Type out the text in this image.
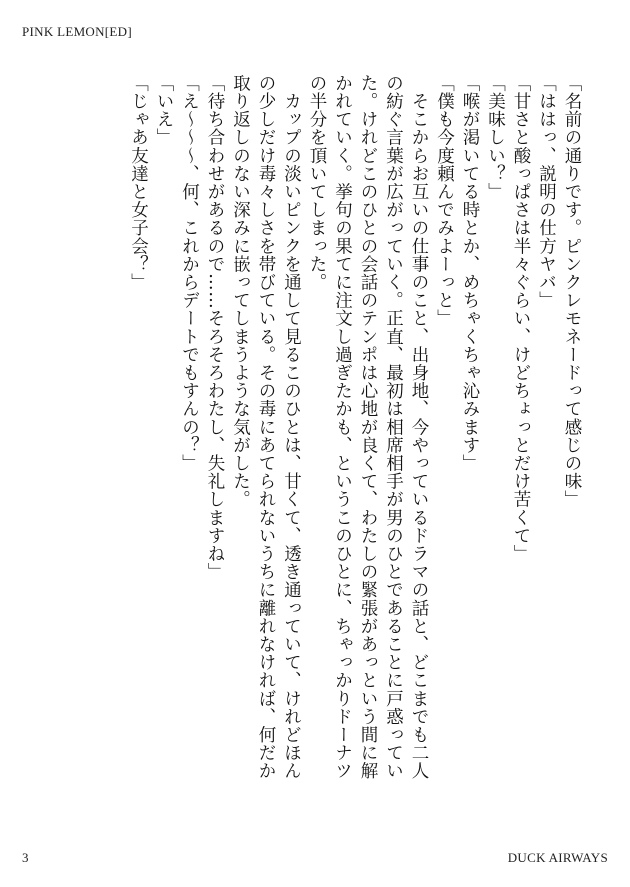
PINK LEMON[ED]
「名前の通りです。ピンクレモネードって感じの味」
「ははっ、説明の仕方ヤバ」
「甘さと酸っぱさは半々ぐらい、けどちょっとだけ苦くて」
「美味しい？」
「喉が渇いてる時とか、めちゃくちゃ沁みます」
「僕も今度頼んでみよーっと」
　そこからお互いの仕事のこと、出身地、今やっているドラマの話と、どこまでも二人
の紡ぐ言葉が広がっていく。正直、最初は相席相手が男のひとであることに戸惑ってい
た。けれどこのひとの会話のテンポは心地が良くて、わたしの緊張があっという間に解
かれていく。挙句の果てに注文し過ぎたかも、というこのひとに、ちゃっかりドーナツ
の半分を頂いてしまった。
　カップの淡いピンクを通して見るこのひとは、甘くて、透き通っていて、けれどほん
の少しだけ毒々しさを帯びている。その毒にあてられないうちに離れなければ、何だか
取り返しのない深みに嵌ってしまうような気がした。
「待ち合わせがあるので……そろそろわたし、失礼しますね」
「え〜〜〜、何、これからデートでもすんの？」
「いえ」
「じゃあ友達と女子会？」
3	DUCK AIRWAYS
